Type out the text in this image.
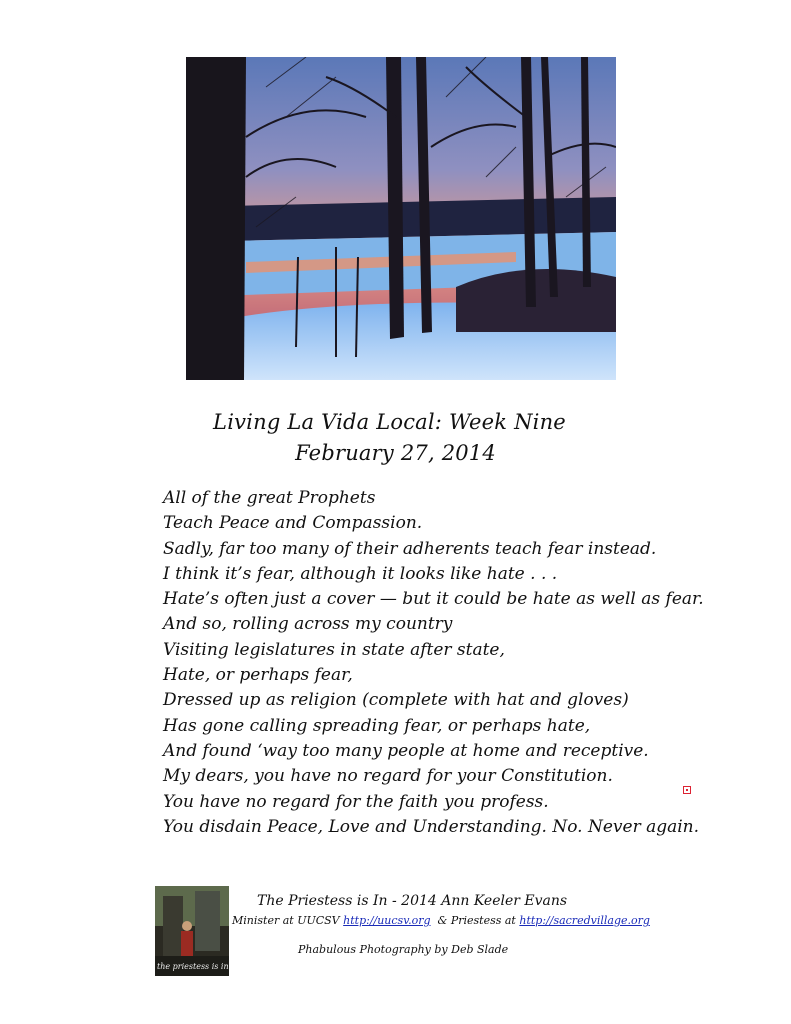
Living La Vida Local: Week Nine
February 27, 2014
All of the great Prophets
Teach Peace and Compassion.
Sadly, far too many of their adherents teach fear instead.
I think it’s fear, although it looks like hate . . .
Hate’s often just a cover — but it could be hate as well as fear.
And so, rolling across my country
Visiting legislatures in state after state,
Hate, or perhaps fear,
Dressed up as religion (complete with hat and gloves)
Has gone calling spreading fear, or perhaps hate,
And found ‘way too many people at home and receptive.
My dears, you have no regard for your Constitution.
You have no regard for the faith you profess.
You disdain Peace, Love and Understanding. No. Never again.
the priestess is in
The Priestess is In - 2014 Ann Keeler Evans
Minister at UUCSV http://uucsv.org & Priestess at http://sacredvillage.org
Phabulous Photography by Deb Slade
